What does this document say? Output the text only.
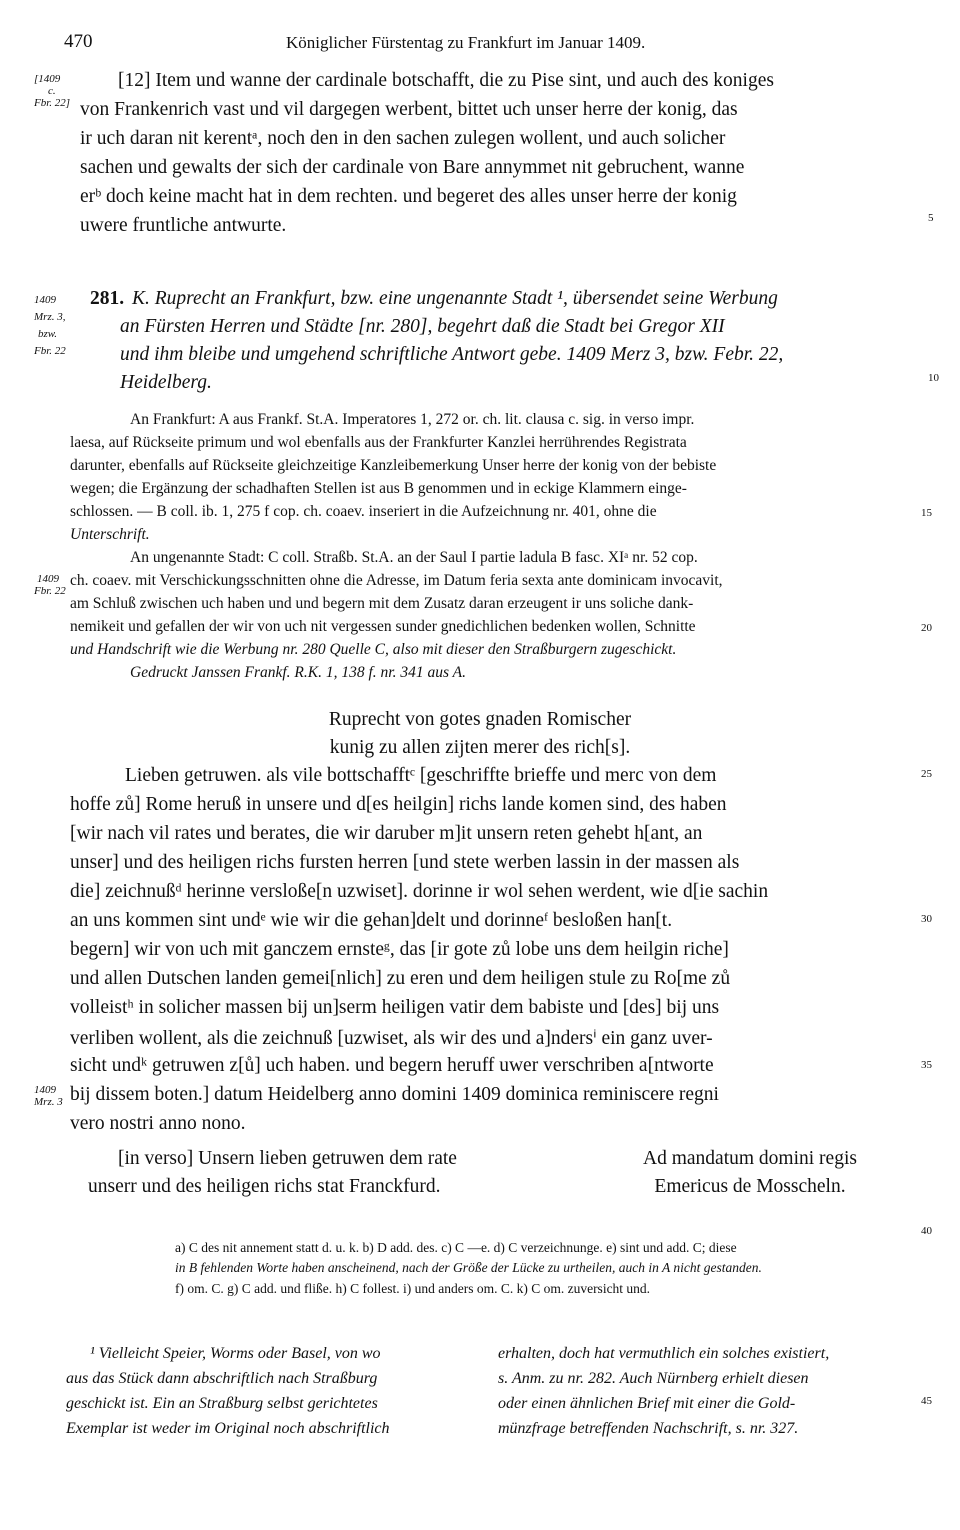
470	Königlicher Fürstentag zu Frankfurt im Januar 1409.
[1409
c.
Fbr. 22]
[12] Item und wanne der cardinale botschafft, die zu Pise sint, und auch des koniges
von Frankenrich vast und vil dargegen werbent, bittet uch unser herre der konig, das
ir uch daran nit kerentᵃ, noch den in den sachen zulegen wollent, und auch solicher
sachen und gewalts der sich der cardinale von Bare annymmet nit gebruchent, wanne
erᵇ doch keine macht hat in dem rechten. und begeret des alles unser herre der konig
uwere fruntliche antwurte.
1409
Mrz. 3,
bzw.
Fbr. 22
281. K. Ruprecht an Frankfurt, bzw. eine ungenannte Stadt ¹, übersendet seine Werbung
an Fürsten Herren und Städte [nr. 280], begehrt daß die Stadt bei Gregor XII
und ihm bleibe und umgehend schriftliche Antwort gebe. 1409 Merz 3, bzw. Febr. 22,
Heidelberg.
An Frankfurt: A aus Frankf. St.A. Imperatores 1, 272 or. ch. lit. clausa c. sig. in verso impr.
laesa, auf Rückseite primum und wol ebenfalls aus der Frankfurter Kanzlei herrührendes Registrata
darunter, ebenfalls auf Rückseite gleichzeitige Kanzleibemerkung Unser herre der konig von der bebiste
wegen; die Ergänzung der schadhaften Stellen ist aus B genommen und in eckige Klammern einge-
schlossen. — B coll. ib. 1, 275 f cop. ch. coaev. inseriert in die Aufzeichnung nr. 401, ohne die
Unterschrift.
An ungenannte Stadt: C coll. Straßb. St.A. an der Saul I partie ladula B fasc. XIᵃ nr. 52 cop.
1409
Fbr. 22
ch. coaev. mit Verschickungsschnitten ohne die Adresse, im Datum feria sexta ante dominicam invocavit,
am Schluß zwischen uch haben und und begern mit dem Zusatz daran erzeugent ir uns soliche dank-
nemikeit und gefallen der wir von uch nit vergessen sunder gnedichlichen bedenken wollen, Schnitte
und Handschrift wie die Werbung nr. 280 Quelle C, also mit dieser den Straßburgern zugeschickt.
Gedruckt Janssen Frankf. R.K. 1, 138 f. nr. 341 aus A.
Ruprecht von gotes gnaden Romischer
kunig zu allen zijten merer des rich[s].
Lieben getruwen. als vile bottschafftᶜ [geschriffte brieffe und merc von dem
hoffe zů] Rome heruß in unsere und d[es heilgin] richs lande komen sind, des haben
[wir nach vil rates und berates, die wir daruber m]it unsern reten gehebt h[ant, an
unser] und des heiligen richs fursten herren [und stete werben lassin in der massen als
die] zeichnußᵈ herinne versloße[n uzwiset]. dorinne ir wol sehen werdent, wie d[ie sachin
an uns kommen sint undᵉ wie wir die gehan]delt und dorinneᶠ besloßen han[t.
begern] wir von uch mit ganczem ernsteᵍ, das [ir gote zů lobe uns dem heilgin riche]
und allen Dutschen landen gemei[nlich] zu eren und dem heiligen stule zu Ro[me zů
volleistʰ in solicher massen bij un]serm heiligen vatir dem babiste und [des] bij uns
verliben wollent, als die zeichnuß [uzwiset, als wir des und a]ndersⁱ ein ganz uver-
sicht undᵏ getruwen z[ů] uch haben. und begern heruff uwer verschriben a[ntworte
1409
Mrz. 3 bij dissem boten.] datum Heidelberg anno domini 1409 dominica reminiscere regni
vero nostri anno nono.
[in verso] Unsern lieben getruwen dem rate
unserr und des heiligen richs stat Franckfurd.
Ad mandatum domini regis
Emericus de Mosscheln.
a) C des nit annement statt d. u. k. b) D add. des. c) C —e. d) C verzeichnunge. e) sint und add. C; diese
in B fehlenden Worte haben anscheinend, nach der Größe der Lücke zu urtheilen, auch in A nicht gestanden.
f) om. C. g) C add. und fliße. h) C follest. i) und anders om. C. k) C om. zuversicht und.
¹ Vielleicht Speier, Worms oder Basel, von wo
aus das Stück dann abschriftlich nach Straßburg
geschickt ist. Ein an Straßburg selbst gerichtetes
Exemplar ist weder im Original noch abschriftlich
erhalten, doch hat vermuthlich ein solches existiert,
s. Anm. zu nr. 282. Auch Nürnberg erhielt diesen
oder einen ähnlichen Brief mit einer die Gold-
münzfrage betreffenden Nachschrift, s. nr. 327.
5
10
15
20
25
30
35
40
45
